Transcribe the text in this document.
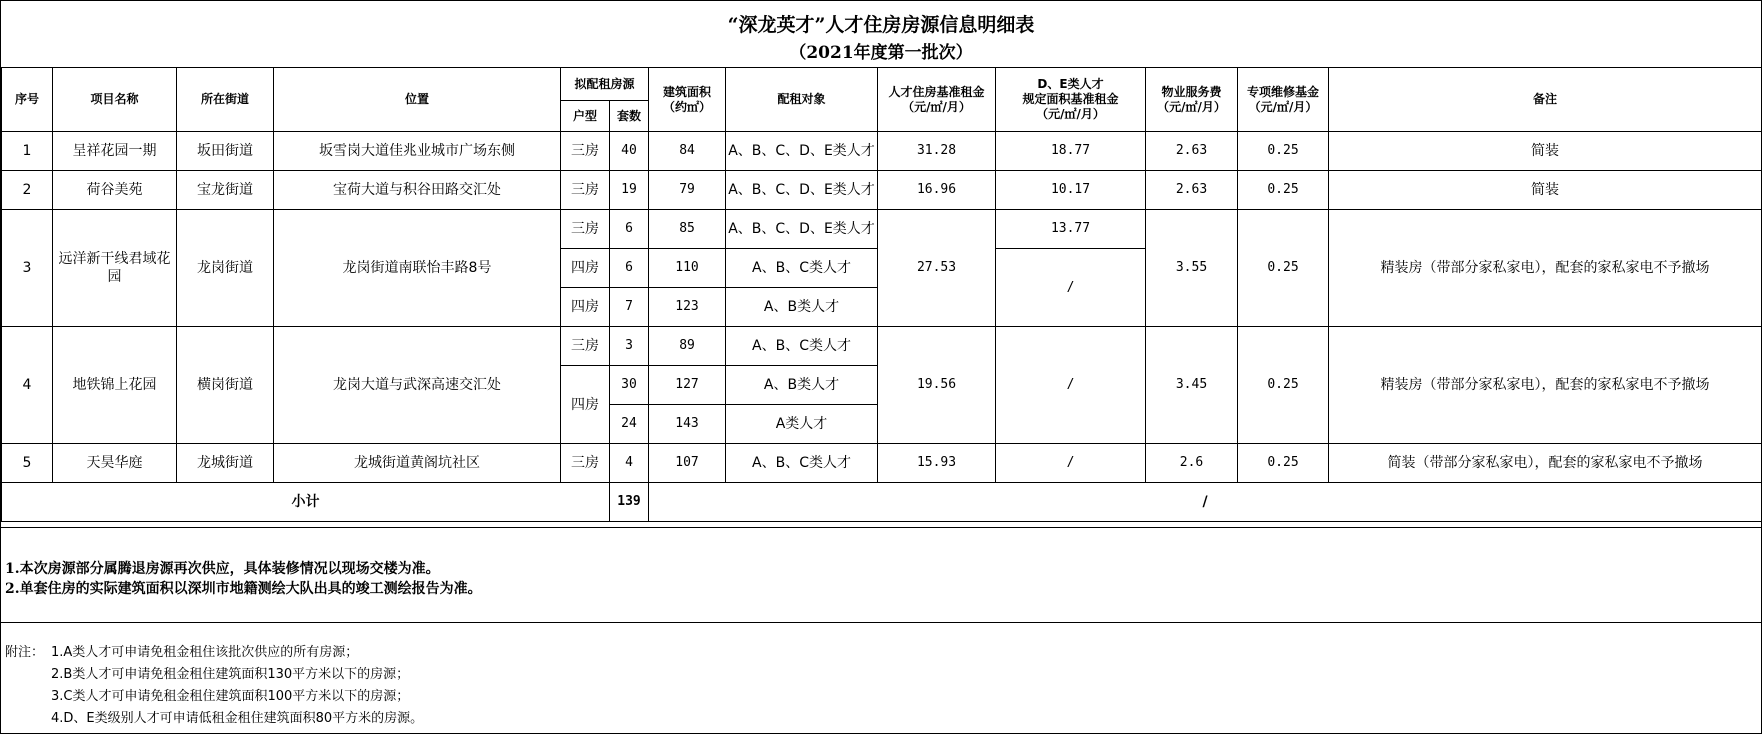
“深龙英才”人才住房房源信息明细表
（2021年度第一批次）
序号	项目名称	所在街道	位置	拟配租房源		建筑面积
（约㎡）	配租对象	人才住房基准租金
（元/㎡/月）	D、E类人才
规定面积基准租金
（元/㎡/月）	物业服务费
（元/㎡/月）	专项维修基金
（元/㎡/月）	备注
				户型	套数							
1	呈祥花园一期	坂田街道	坂雪岗大道佳兆业城市广场东侧	三房	40	84	A、B、C、D、E类人才	31.28	18.77	2.63	0.25	简装
2	荷谷美苑	宝龙街道	宝荷大道与积谷田路交汇处	三房	19	79	A、B、C、D、E类人才	16.96	10.17	2.63	0.25	简装
3	远洋新干线君域花园	龙岗街道	龙岗街道南联怡丰路8号	三房	6	85	A、B、C、D、E类人才	27.53	13.77	3.55	0.25	精装房（带部分家私家电），配套的家私家电不予撤场
				四房	6	110	A、B、C类人才		/			
				四房	7	123	A、B类人才					
4	地铁锦上花园	横岗街道	龙岗大道与武深高速交汇处	三房	3	89	A、B、C类人才	19.56	/	3.45	0.25	精装房（带部分家私家电），配套的家私家电不予撤场
				四房	30	127	A、B类人才					
					24	143	A类人才					
5	天昊华庭	龙城街道	龙城街道黄阁坑社区	三房	4	107	A、B、C类人才	15.93	/	2.6	0.25	简装（带部分家私家电），配套的家私家电不予撤场
小计					139	/						
1.本次房源部分属腾退房源再次供应，具体装修情况以现场交楼为准。
2.单套住房的实际建筑面积以深圳市地籍测绘大队出具的竣工测绘报告为准。
附注： 1.A类人才可申请免租金租住该批次供应的所有房源；
2.B类人才可申请免租金租住建筑面积130平方米以下的房源；
3.C类人才可申请免租金租住建筑面积100平方米以下的房源；
4.D、E类级别人才可申请低租金租住建筑面积80平方米的房源。
